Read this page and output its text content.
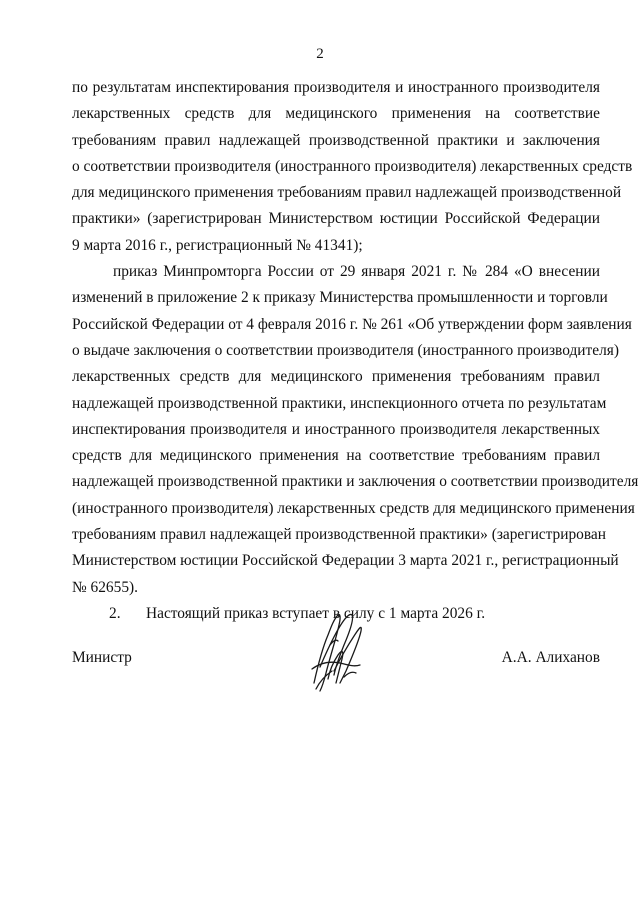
2
по результатам инспектирования производителя и иностранного производителя
лекарственных средств для медицинского применения на соответствие
требованиям правил надлежащей производственной практики и заключения
о соответствии производителя (иностранного производителя) лекарственных средств
для медицинского применения требованиям правил надлежащей производственной
практики» (зарегистрирован Министерством юстиции Российской Федерации
9 марта 2016 г., регистрационный № 41341);
приказ Минпромторга России от 29 января 2021 г. № 284 «О внесении
изменений в приложение 2 к приказу Министерства промышленности и торговли
Российской Федерации от 4 февраля 2016 г. № 261 «Об утверждении форм заявления
о выдаче заключения о соответствии производителя (иностранного производителя)
лекарственных средств для медицинского применения требованиям правил
надлежащей производственной практики, инспекционного отчета по результатам
инспектирования производителя и иностранного производителя лекарственных
средств для медицинского применения на соответствие требованиям правил
надлежащей производственной практики и заключения о соответствии производителя
(иностранного производителя) лекарственных средств для медицинского применения
требованиям правил надлежащей производственной практики» (зарегистрирован
Министерством юстиции Российской Федерации 3 марта 2021 г., регистрационный
№ 62655).
2. Настоящий приказ вступает в силу с 1 марта 2026 г.
Министр	А.А. Алиханов
